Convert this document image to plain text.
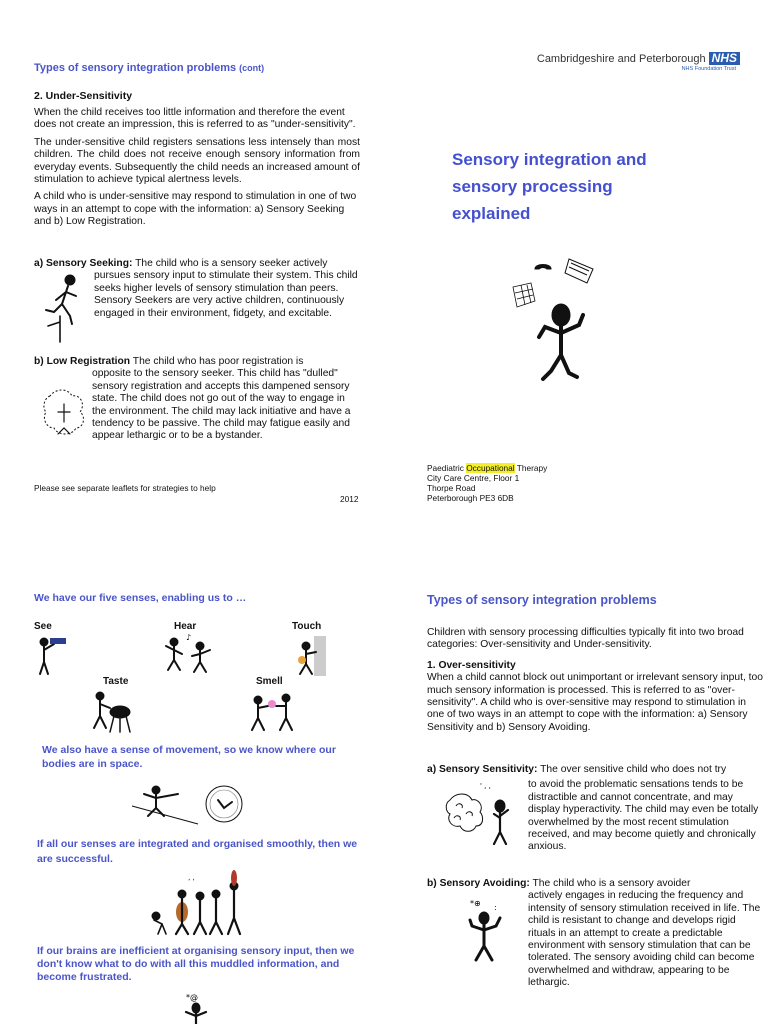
Types of sensory integration problems (cont)
2. Under-Sensitivity

When the child receives too little information and therefore the event does not create an impression, this is referred to as "under-sensitivity".

The under-sensitive child registers sensations less intensely than most children. The child does not receive enough sensory information from everyday events. Subsequently the child needs an increased amount of stimulation to achieve typical alertness levels.

A child who is under-sensitive may respond to stimulation in one of two ways in an attempt to cope with the information: a) Sensory Seeking and b) Low Registration.

a) Sensory Seeking: The child who is a sensory seeker actively

pursues sensory input to stimulate their system. This child seeks higher levels of sensory stimulation than peers. Sensory Seekers are very active children, continuously engaged in their environment, fidgety, and excitable.

b) Low Registration The child who has poor registration is

opposite to the sensory seeker. This child has "dulled" sensory registration and accepts this dampened sensory state. The child does not go out of the way to engage in the environment. The child may lack initiative and have a tendency to be passive. The child may fatigue easily and appear lethargic or to be a bystander.

Please see separate leaflets for strategies to help
2012
Cambridgeshire and Peterborough NHS
NHS Foundation Trust
Sensory integration and
sensory processing
explained
Paediatric Occupational Therapy
City Care Centre, Floor 1
Thorpe Road
Peterborough PE3 6DB
We have our five senses, enabling us to …
See	Hear	Touch
Taste	Smell
♪
We also have a sense of movement, so we know where our bodies are in space.
If all our senses are integrated and organised smoothly, then we are successful.
ʼ ʼ
If our brains are inefficient at organising sensory input, then we don't know what to do with all this muddled information, and become frustrated.
*@
Types of sensory integration problems

Children with sensory processing difficulties typically fit into two broad categories: Over-sensitivity and Under-sensitivity.

1. Over-sensitivity

When a child cannot block out unimportant or irrelevant sensory input, too much sensory information is processed. This is referred to as "over-sensitivity". A child who is over-sensitive may respond to stimulation in one of two ways in an attempt to cope with the information: a) Sensory Sensitivity and b) Sensory Avoiding.

a) Sensory Sensitivity: The over sensitive child who does not try

to avoid the problematic sensations tends to be distractible and cannot concentrate, and may display hyperactivity. The child may even be totally overwhelmed by the most recent stimulation received, and may become quietly and chronically anxious.

' , ,

b) Sensory Avoiding: The child who is a sensory avoider

actively engages in reducing the frequency and intensity of sensory stimulation received in life. The child is resistant to change and develops rigid rituals in an attempt to create a predictable environment with sensory stimulation that can be tolerated. The sensory avoiding child can become overwhelmed and withdraw, appearing to be lethargic.

*⊕ :
